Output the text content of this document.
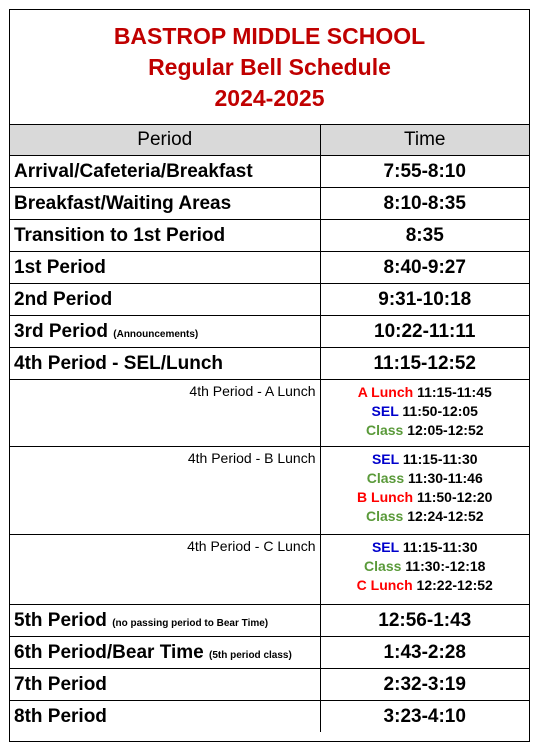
BASTROP MIDDLE SCHOOL
Regular Bell Schedule
2024-2025
Period	Time
Arrival/Cafeteria/Breakfast	7:55-8:10
Breakfast/Waiting Areas	8:10-8:35
Transition to 1st Period	8:35
1st Period	8:40-9:27
2nd Period	9:31-10:18
3rd Period (Announcements)	10:22-11:11
4th Period - SEL/Lunch	11:15-12:52
4th Period - A Lunch	A Lunch 11:15-11:45
SEL 11:50-12:05
Class 12:05-12:52

4th Period - B Lunch	SEL 11:15-11:30
Class 11:30-11:46
B Lunch 11:50-12:20
Class 12:24-12:52

4th Period - C Lunch	SEL 11:15-11:30
Class 11:30:-12:18
C Lunch 12:22-12:52

5th Period (no passing period to Bear Time)	12:56-1:43
6th Period/Bear Time (5th period class)	1:43-2:28
7th Period	2:32-3:19
8th Period	3:23-4:10
